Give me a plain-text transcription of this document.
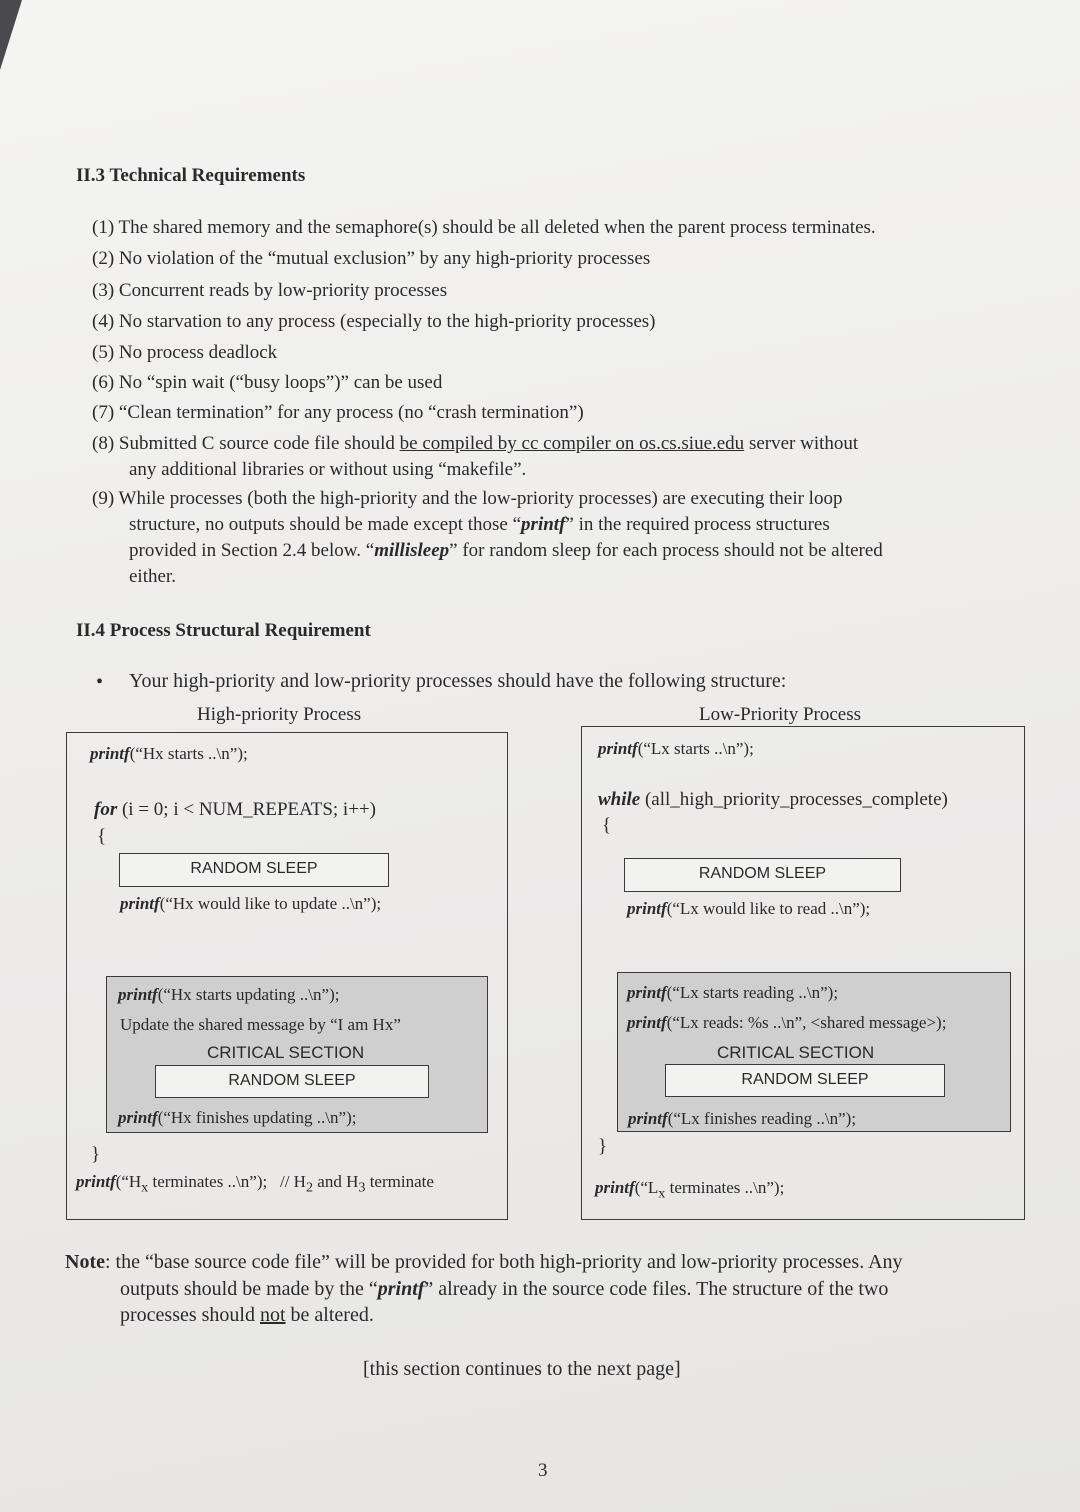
II.3 Technical Requirements
(1) The shared memory and the semaphore(s) should be all deleted when the parent process terminates.
(2) No violation of the “mutual exclusion” by any high-priority processes
(3) Concurrent reads by low-priority processes
(4) No starvation to any process (especially to the high-priority processes)
(5) No process deadlock
(6) No “spin wait (“busy loops”)” can be used
(7) “Clean termination” for any process (no “crash termination”)
(8) Submitted C source code file should be compiled by cc compiler on os.cs.siue.edu server without
any additional libraries or without using “makefile”.
(9) While processes (both the high-priority and the low-priority processes) are executing their loop
structure, no outputs should be made except those “printf” in the required process structures
provided in Section 2.4 below. “millisleep” for random sleep for each process should not be altered
either.
II.4 Process Structural Requirement
• Your high-priority and low-priority processes should have the following structure:
High-priority Process	Low-Priority Process
printf(“Hx starts ..\n”);
for (i = 0; i < NUM_REPEATS; i++)
{
RANDOM SLEEP
printf(“Hx would like to update ..\n”);
printf(“Hx starts updating ..\n”);
Update the shared message by “I am Hx”
CRITICAL SECTION
RANDOM SLEEP
printf(“Hx finishes updating ..\n”);
}
$printf(“H_x$ terminates ..\n”); // $H_2$ and $H_3$ terminate
printf(“Lx starts ..\n”);
while (all_high_priority_processes_complete)
{
RANDOM SLEEP
printf(“Lx would like to read ..\n”);
printf(“Lx starts reading ..\n”);
printf(“Lx reads: %s ..\n”, <shared message>);
CRITICAL SECTION
RANDOM SLEEP
printf(“Lx finishes reading ..\n”);
}
$printf(“L_x$ terminates ..\n”);
Note: the “base source code file” will be provided for both high-priority and low-priority processes. Any
outputs should be made by the “printf” already in the source code files. The structure of the two
processes should not be altered.
[this section continues to the next page]
3
